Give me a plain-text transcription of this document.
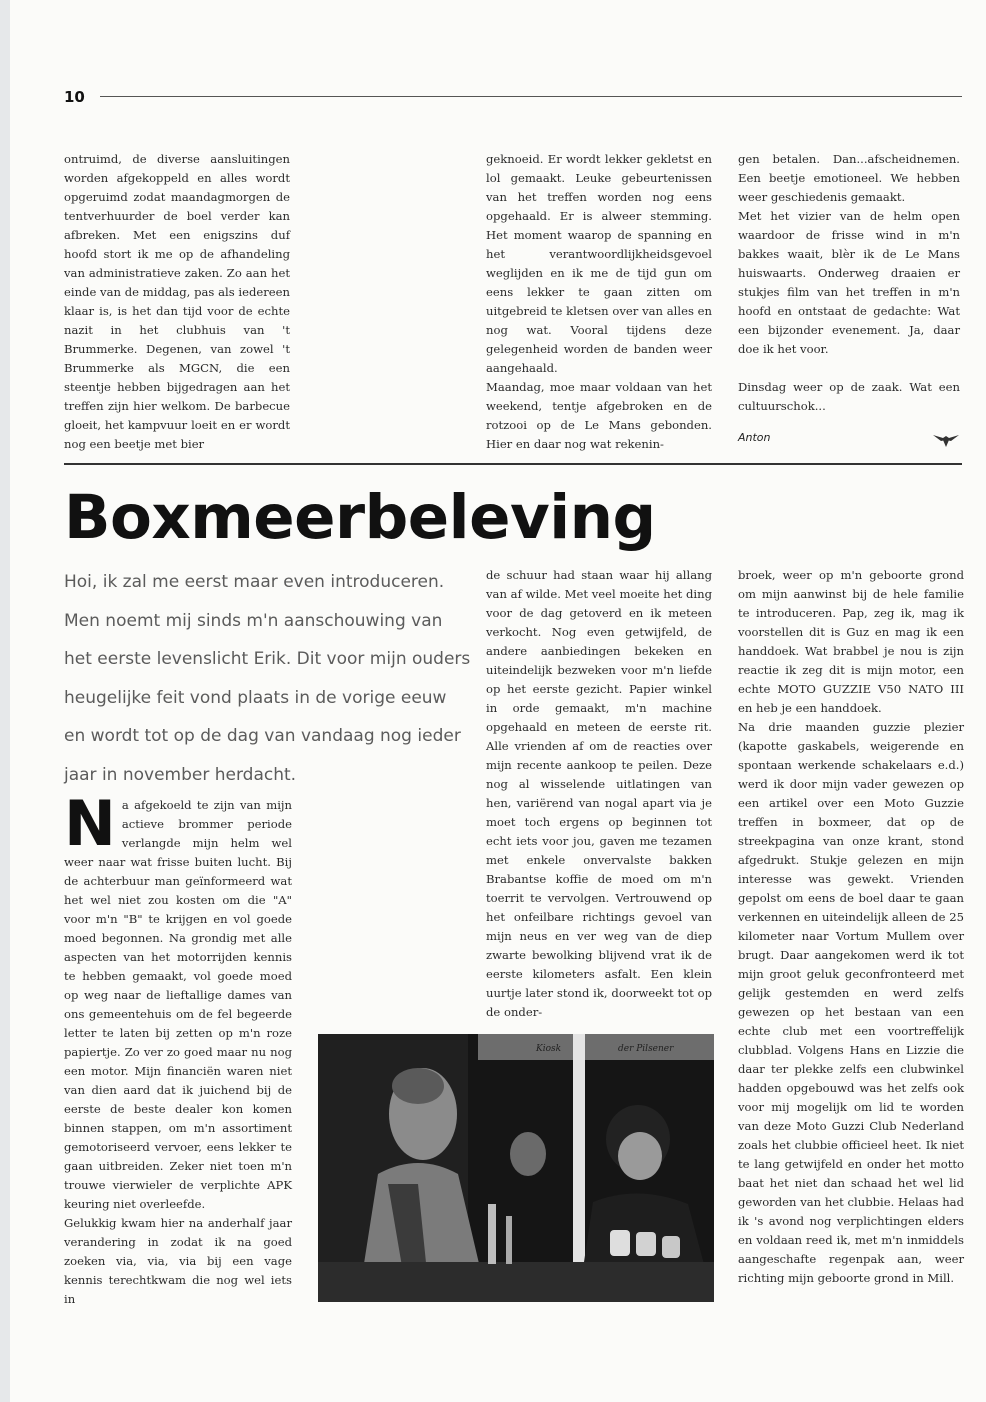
10

ontruimd, de diverse aansluitingen worden afgekoppeld en alles wordt opgeruimd zodat maandagmorgen de tentverhuurder de boel verder kan afbreken. Met een enigszins duf hoofd stort ik me op de afhandeling van administratieve zaken. Zo aan het einde van de middag, pas als iedereen klaar is, is het dan tijd voor de echte nazit in het clubhuis van 't Brummerke. Degenen, van zowel 't Brummerke als MGCN, die een steentje hebben bijgedragen aan het treffen zijn hier welkom. De barbecue gloeit, het kampvuur loeit en er wordt nog een beetje met bier

geknoeid. Er wordt lekker gekletst en lol gemaakt. Leuke gebeurtenissen van het treffen worden nog eens opgehaald. Er is alweer stemming. Het moment waarop de spanning en het verantwoordlijkheidsgevoel weglijden en ik me de tijd gun om eens lekker te gaan zitten om uitgebreid te kletsen over van alles en nog wat. Vooral tijdens deze gelegenheid worden de banden weer aangehaald.

Maandag, moe maar voldaan van het weekend, tentje afgebroken en de rotzooi op de Le Mans gebonden. Hier en daar nog wat rekenin-

gen betalen. Dan...afscheidnemen. Een beetje emotioneel. We hebben weer geschiedenis gemaakt.

Met het vizier van de helm open waardoor de frisse wind in m'n bakkes waait, blèr ik de Le Mans huiswaarts. Onderweg draaien er stukjes film van het treffen in m'n hoofd en ontstaat de gedachte: Wat een bijzonder evenement. Ja, daar doe ik het voor.

Dinsdag weer op de zaak. Wat een cultuurschok...

Anton
Boxmeerbeleving

Hoi, ik zal me eerst maar even introduceren. Men noemt mij sinds m'n aanschouwing van het eerste levenslicht Erik. Dit voor mijn ouders heugelijke feit vond plaats in de vorige eeuw en wordt tot op de dag van vandaag nog ieder jaar in november herdacht.

Na afgekoeld te zijn van mijn actieve brommer periode verlangde mijn helm wel weer naar wat frisse buiten lucht. Bij de achterbuur man geïnformeerd wat het wel niet zou kosten om die "A" voor m'n "B" te krijgen en vol goede moed begonnen. Na grondig met alle aspecten van het motorrijden kennis te hebben gemaakt, vol goede moed op weg naar de lieftallige dames van ons gemeentehuis om de fel begeerde letter te laten bij zetten op m'n roze papiertje. Zo ver zo goed maar nu nog een motor. Mijn financiën waren niet van dien aard dat ik juichend bij de eerste de beste dealer kon komen binnen stappen, om m'n assortiment gemotoriseerd vervoer, eens lekker te gaan uitbreiden. Zeker niet toen m'n trouwe vierwieler de verplichte APK keuring niet overleefde.

Gelukkig kwam hier na anderhalf jaar verandering in zodat ik na goed zoeken via, via, via bij een vage kennis terechtkwam die nog wel iets in

de schuur had staan waar hij allang van af wilde. Met veel moeite het ding voor de dag getoverd en ik meteen verkocht. Nog even getwijfeld, de andere aanbiedingen bekeken en uiteindelijk bezweken voor m'n liefde op het eerste gezicht. Papier winkel in orde gemaakt, m'n machine opgehaald en meteen de eerste rit. Alle vrienden af om de reacties over mijn recente aankoop te peilen. Deze nog al wisselende uitlatingen van hen, variërend van nogal apart via je moet toch ergens op beginnen tot echt iets voor jou, gaven me tezamen met enkele onvervalste bakken Brabantse koffie de moed om m'n toerrit te vervolgen. Vertrouwend op het onfeilbare richtings gevoel van mijn neus en ver weg van de diep zwarte bewolking blijvend vrat ik de eerste kilometers asfalt. Een klein uurtje later stond ik, doorweekt tot op de onder-

broek, weer op m'n geboorte grond om mijn aanwinst bij de hele familie te introduceren. Pap, zeg ik, mag ik voorstellen dit is Guz en mag ik een handdoek. Wat brabbel je nou is zijn reactie ik zeg dit is mijn motor, een echte MOTO GUZZIE V50 NATO III en heb je een handdoek.

Na drie maanden guzzie plezier (kapotte gaskabels, weigerende en spontaan werkende schakelaars e.d.) werd ik door mijn vader gewezen op een artikel over een Moto Guzzie treffen in boxmeer, dat op de streekpagina van onze krant, stond afgedrukt. Stukje gelezen en mijn interesse was gewekt. Vrienden gepolst om eens de boel daar te gaan verkennen en uiteindelijk alleen de 25 kilometer naar Vortum Mullem over brugt. Daar aangekomen werd ik tot mijn groot geluk geconfronteerd met gelijk gestemden en werd zelfs gewezen op het bestaan van een echte club met een voortreffelijk clubblad. Volgens Hans en Lizzie die daar ter plekke zelfs een clubwinkel hadden opgebouwd was het zelfs ook voor mij mogelijk om lid te worden van deze Moto Guzzi Club Nederland zoals het clubbie officieel heet. Ik niet te lang getwijfeld en onder het motto baat het niet dan schaad het wel lid geworden van het clubbie. Helaas had ik 's avond nog verplichtingen elders en voldaan reed ik, met m'n inmiddels aangeschafte regenpak aan, weer richting mijn geboorte grond in Mill.

Kiosk	der Pilsener
